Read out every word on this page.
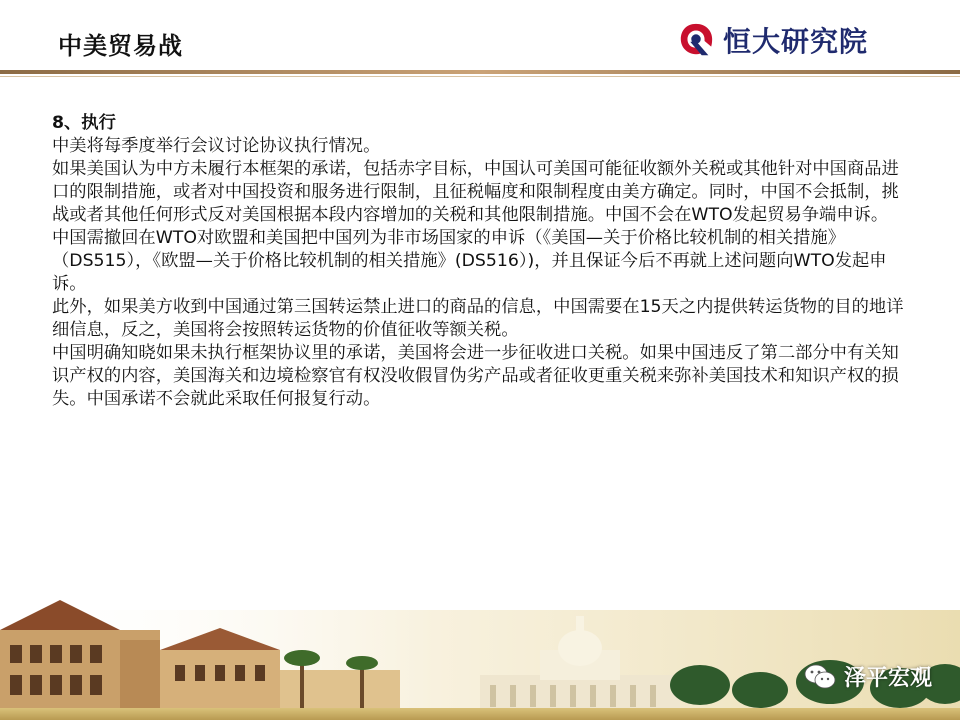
中美贸易战	恒大研究院

8、执行

中美将每季度举行会议讨论协议执行情况。

如果美国认为中方未履行本框架的承诺，包括赤字目标，中国认可美国可能征收额外关税或其他针对中国商品进口的限制措施，或者对中国投资和服务进行限制，且征税幅度和限制程度由美方确定。同时，中国不会抵制，挑战或者其他任何形式反对美国根据本段内容增加的关税和其他限制措施。中国不会在WTO发起贸易争端申诉。

中国需撤回在WTO对欧盟和美国把中国列为非市场国家的申诉（《美国—关于价格比较机制的相关措施》（DS515），《欧盟—关于价格比较机制的相关措施》(DS516）)，并且保证今后不再就上述问题向WTO发起申诉。

此外，如果美方收到中国通过第三国转运禁止进口的商品的信息，中国需要在15天之内提供转运货物的目的地详细信息，反之，美国将会按照转运货物的价值征收等额关税。

中国明确知晓如果未执行框架协议里的承诺，美国将会进一步征收进口关税。如果中国违反了第二部分中有关知识产权的内容，美国海关和边境检察官有权没收假冒伪劣产品或者征收更重关税来弥补美国技术和知识产权的损失。中国承诺不会就此采取任何报复行动。

泽平宏观
